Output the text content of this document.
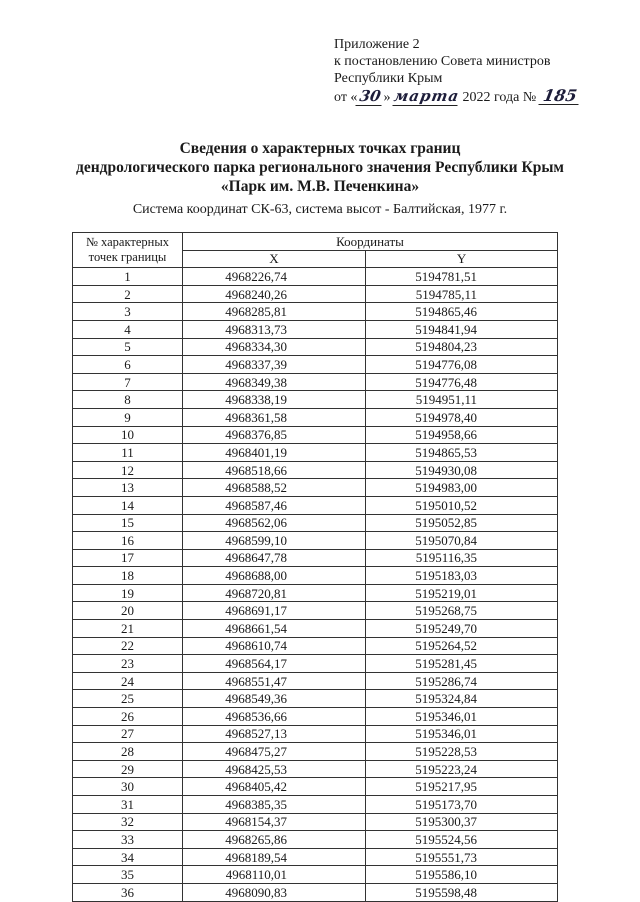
Приложение 2
к постановлению Совета министров
Республики Крым
от «30» марта 2022 года № 185
Сведения о характерных точках границ
дендрологического парка регионального значения Республики Крым
«Парк им. М.В. Печенкина»
Система координат СК-63, система высот - Балтийская, 1977 г.
№ характерных точек границы	Координаты	
	X	Y
1	4968226,74	5194781,51
2	4968240,26	5194785,11
3	4968285,81	5194865,46
4	4968313,73	5194841,94
5	4968334,30	5194804,23
6	4968337,39	5194776,08
7	4968349,38	5194776,48
8	4968338,19	5194951,11
9	4968361,58	5194978,40
10	4968376,85	5194958,66
11	4968401,19	5194865,53
12	4968518,66	5194930,08
13	4968588,52	5194983,00
14	4968587,46	5195010,52
15	4968562,06	5195052,85
16	4968599,10	5195070,84
17	4968647,78	5195116,35
18	4968688,00	5195183,03
19	4968720,81	5195219,01
20	4968691,17	5195268,75
21	4968661,54	5195249,70
22	4968610,74	5195264,52
23	4968564,17	5195281,45
24	4968551,47	5195286,74
25	4968549,36	5195324,84
26	4968536,66	5195346,01
27	4968527,13	5195346,01
28	4968475,27	5195228,53
29	4968425,53	5195223,24
30	4968405,42	5195217,95
31	4968385,35	5195173,70
32	4968154,37	5195300,37
33	4968265,86	5195524,56
34	4968189,54	5195551,73
35	4968110,01	5195586,10
36	4968090,83	5195598,48
